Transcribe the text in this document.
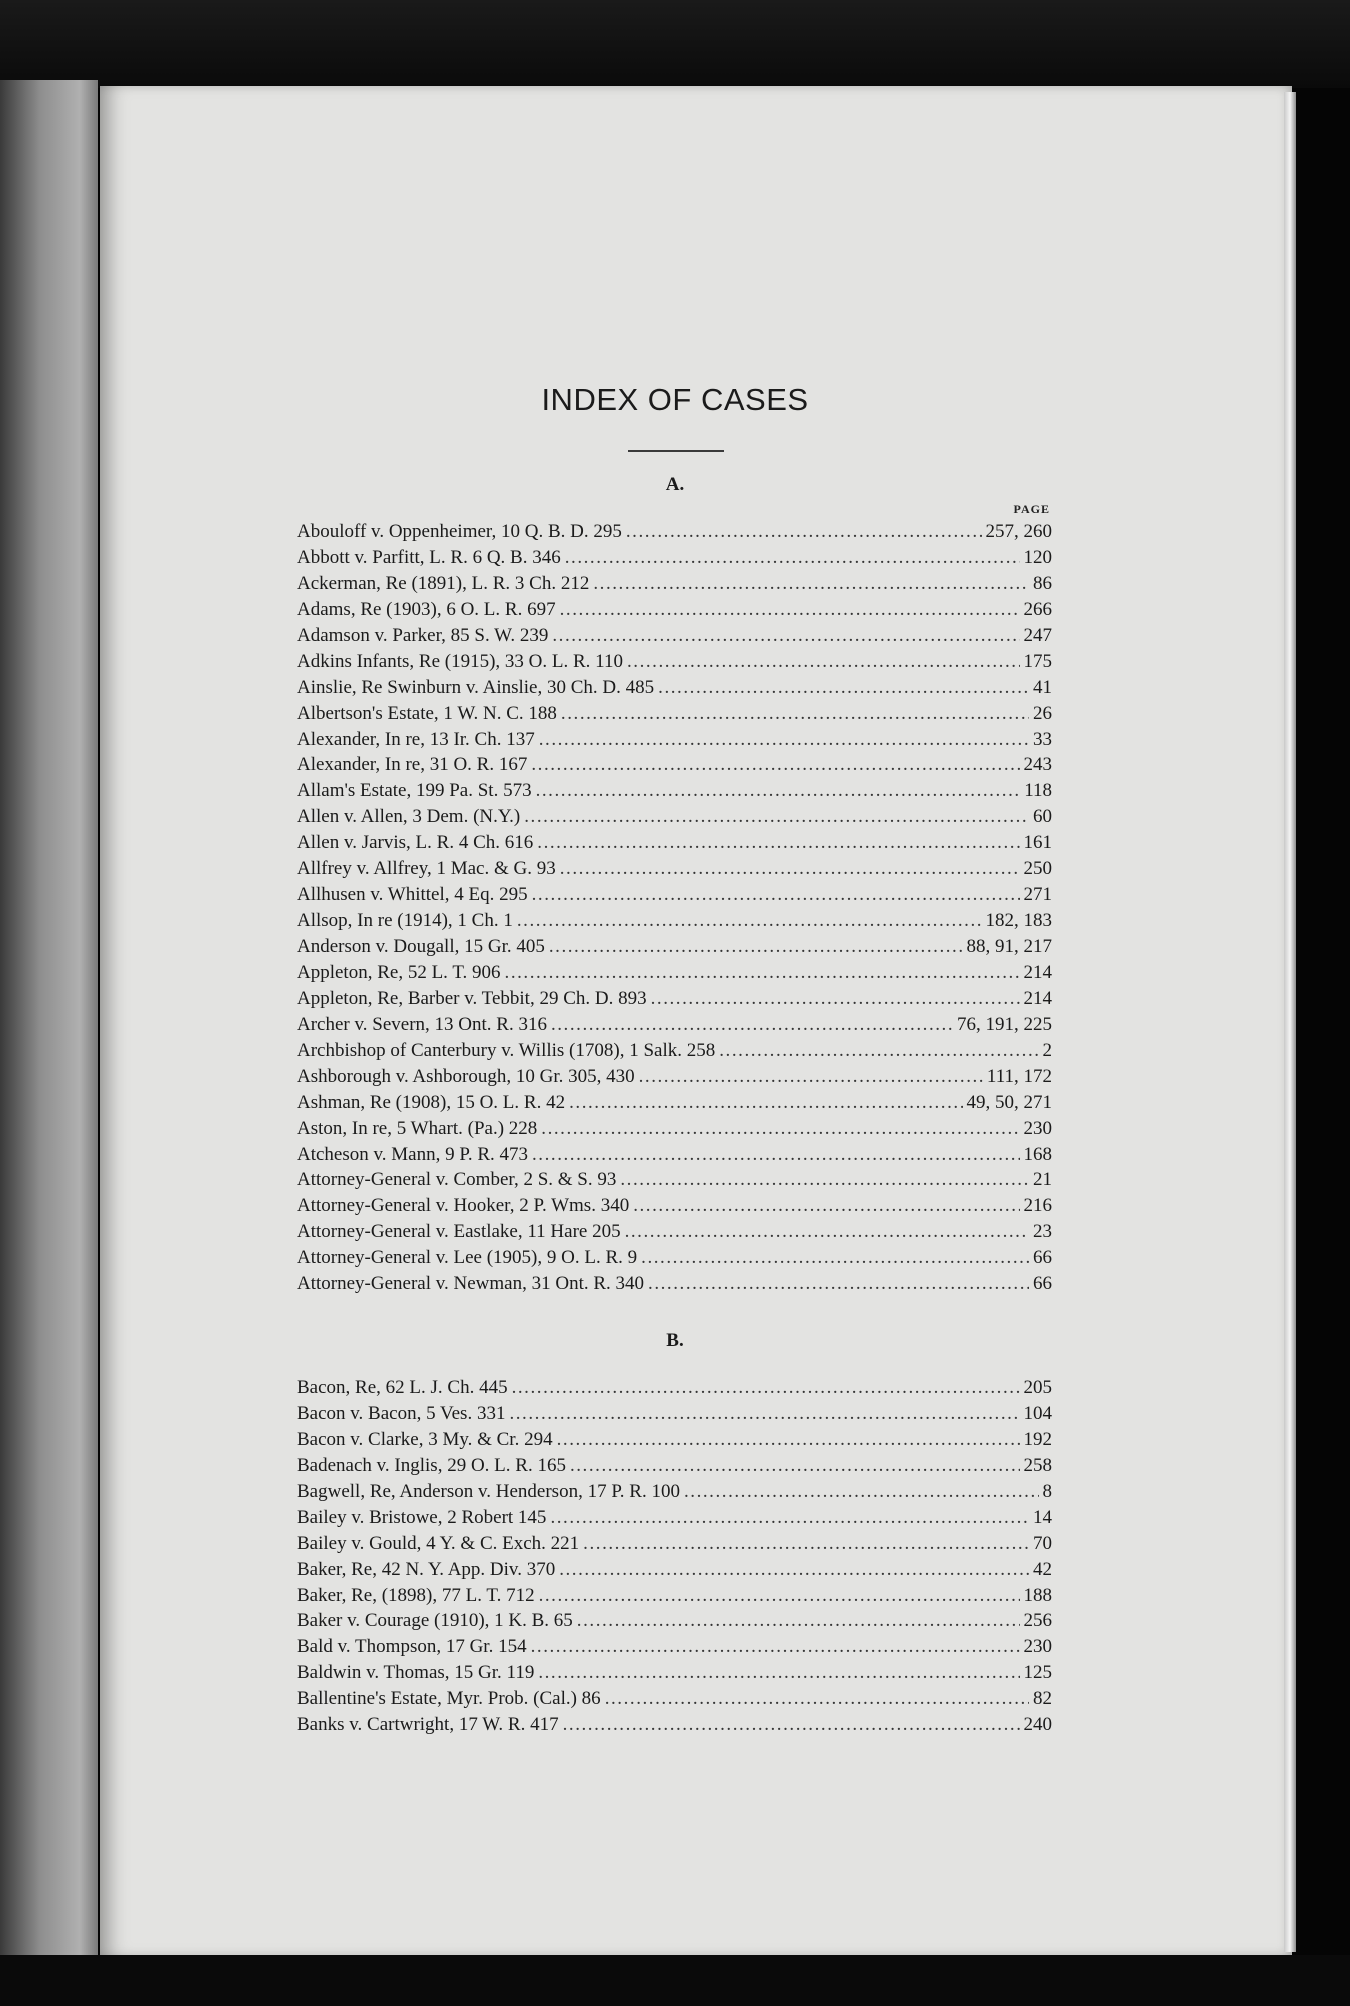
INDEX OF CASES
A.
PAGE
Abouloff v. Oppenheimer, 10 Q. B. D. 295 . . .	257, 260
Abbott v. Parfitt, L. R. 6 Q. B. 346 . . .	120
Ackerman, Re (1891), L. R. 3 Ch. 212 . . .	86
Adams, Re (1903), 6 O. L. R. 697 . . .	266
Adamson v. Parker, 85 S. W. 239 . . .	247
Adkins Infants, Re (1915), 33 O. L. R. 110 . . .	175
Ainslie, Re Swinburn v. Ainslie, 30 Ch. D. 485 . . .	41
Albertson's Estate, 1 W. N. C. 188 . . .	26
Alexander, In re, 13 Ir. Ch. 137 . . .	33
Alexander, In re, 31 O. R. 167 . . .	243
Allam's Estate, 199 Pa. St. 573 . . .	118
Allen v. Allen, 3 Dem. (N.Y.) . . .	60
Allen v. Jarvis, L. R. 4 Ch. 616 . . .	161
Allfrey v. Allfrey, 1 Mac. & G. 93 . . .	250
Allhusen v. Whittel, 4 Eq. 295 . . .	271
Allsop, In re (1914), 1 Ch. 1 . . .	182, 183
Anderson v. Dougall, 15 Gr. 405 . . .	88, 91, 217
Appleton, Re, 52 L. T. 906 . . .	214
Appleton, Re, Barber v. Tebbit, 29 Ch. D. 893 . . .	214
Archer v. Severn, 13 Ont. R. 316 . . .	76, 191, 225
Archbishop of Canterbury v. Willis (1708), 1 Salk. 258 . . .	2
Ashborough v. Ashborough, 10 Gr. 305, 430 . . .	111, 172
Ashman, Re (1908), 15 O. L. R. 42 . . .	49, 50, 271
Aston, In re, 5 Whart. (Pa.) 228 . . .	230
Atcheson v. Mann, 9 P. R. 473 . . .	168
Attorney-General v. Comber, 2 S. & S. 93 . . .	21
Attorney-General v. Hooker, 2 P. Wms. 340 . . .	216
Attorney-General v. Eastlake, 11 Hare 205 . . .	23
Attorney-General v. Lee (1905), 9 O. L. R. 9 . . .	66
Attorney-General v. Newman, 31 Ont. R. 340 . . .	66
B.
Bacon, Re, 62 L. J. Ch. 445 . . .	205
Bacon v. Bacon, 5 Ves. 331 . . .	104
Bacon v. Clarke, 3 My. & Cr. 294 . . .	192
Badenach v. Inglis, 29 O. L. R. 165 . . .	258
Bagwell, Re, Anderson v. Henderson, 17 P. R. 100 . . .	8
Bailey v. Bristowe, 2 Robert 145 . . .	14
Bailey v. Gould, 4 Y. & C. Exch. 221 . . .	70
Baker, Re, 42 N. Y. App. Div. 370 . . .	42
Baker, Re, (1898), 77 L. T. 712 . . .	188
Baker v. Courage (1910), 1 K. B. 65 . . .	256
Bald v. Thompson, 17 Gr. 154 . . .	230
Baldwin v. Thomas, 15 Gr. 119 . . .	125
Ballentine's Estate, Myr. Prob. (Cal.) 86 . . .	82
Banks v. Cartwright, 17 W. R. 417 . . .	240
